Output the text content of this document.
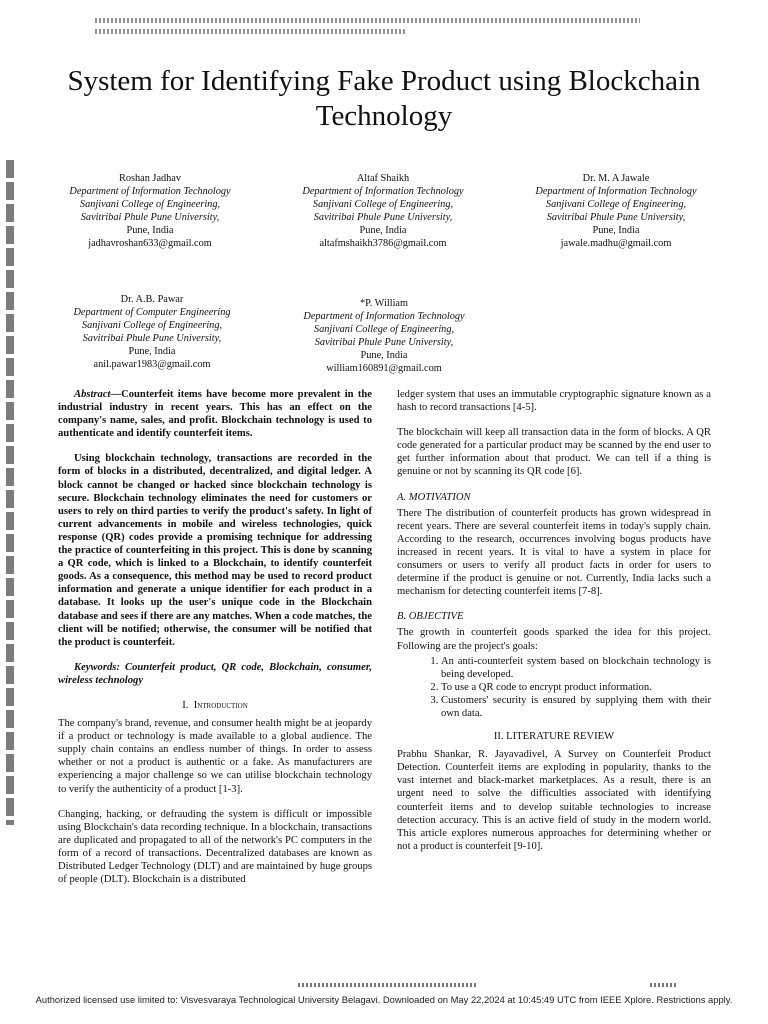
System for Identifying Fake Product using Blockchain Technology
Roshan Jadhav
Department of Information Technology
Sanjivani College of Engineering,
Savitribai Phule Pune University,
Pune, India
jadhavroshan633@gmail.com
Altaf Shaikh
Department of Information Technology
Sanjivani College of Engineering,
Savitribai Phule Pune University,
Pune, India
altafmshaikh3786@gmail.com
Dr. M. A Jawale
Department of Information Technology
Sanjivani College of Engineering,
Savitribai Phule Pune University,
Pune, India
jawale.madhu@gmail.com
Dr. A.B. Pawar
Department of Computer Engineering
Sanjivani College of Engineering,
Savitribai Phule Pune University,
Pune, India
anil.pawar1983@gmail.com
*P. William
Department of Information Technology
Sanjivani College of Engineering,
Savitribai Phule Pune University,
Pune, India
william160891@gmail.com

Abstract—Counterfeit items have become more prevalent in the industrial industry in recent years. This has an effect on the company's name, sales, and profit. Blockchain technology is used to authenticate and identify counterfeit items.

Using blockchain technology, transactions are recorded in the form of blocks in a distributed, decentralized, and digital ledger. A block cannot be changed or hacked since blockchain technology is secure. Blockchain technology eliminates the need for customers or users to rely on third parties to verify the product's safety. In light of current advancements in mobile and wireless technologies, quick response (QR) codes provide a promising technique for addressing the practice of counterfeiting in this project. This is done by scanning a QR code, which is linked to a Blockchain, to identify counterfeit goods. As a consequence, this method may be used to record product information and generate a unique identifier for each product in a database. It looks up the user's unique code in the Blockchain database and sees if there are any matches. When a code matches, the client will be notified; otherwise, the consumer will be notified that the product is counterfeit.

Keywords: Counterfeit product, QR code, Blockchain, consumer, wireless technology

I. Introduction

The company's brand, revenue, and consumer health might be at jeopardy if a product or technology is made available to a global audience. The supply chain contains an endless number of things. In order to assess whether or not a product is authentic or a fake. As manufacturers are experiencing a major challenge so we can utilise blockchain technology to verify the authenticity of a product [1-3].

Changing, hacking, or defrauding the system is difficult or impossible using Blockchain's data recording technique. In a blockchain, transactions are duplicated and propagated to all of the network's PC computers in the form of a record of transactions. Decentralized databases are known as Distributed Ledger Technology (DLT) and are maintained by huge groups of people (DLT). Blockchain is a distributed

ledger system that uses an immutable cryptographic signature known as a hash to record transactions [4-5].

The blockchain will keep all transaction data in the form of blocks. A QR code generated for a particular product may be scanned by the end user to get further information about that product. We can tell if a thing is genuine or not by scanning its QR code [6].

A. MOTIVATION

There The distribution of counterfeit products has grown widespread in recent years. There are several counterfeit items in today's supply chain. According to the research, occurrences involving bogus products have increased in recent years. It is vital to have a system in place for consumers or users to verify all product facts in order for users to determine if the product is genuine or not. Currently, India lacks such a mechanism for detecting counterfeit items [7-8].

B. OBJECTIVE

The growth in counterfeit goods sparked the idea for this project. Following are the project's goals:

1. An anti-counterfeit system based on blockchain technology is being developed.
2. To use a QR code to encrypt product information.
3. Customers' security is ensured by supplying them with their own data.
II. LITERATURE REVIEW

Prabhu Shankar, R. Jayavadivel, A Survey on Counterfeit Product Detection. Counterfeit items are exploding in popularity, thanks to the vast internet and black-market marketplaces. As a result, there is an urgent need to solve the difficulties associated with identifying counterfeit items and to develop suitable technologies to increase detection accuracy. This is an active field of study in the modern world. This article explores numerous approaches for determining whether or not a product is counterfeit [9-10].

Authorized licensed use limited to: Visvesvaraya Technological University Belagavi. Downloaded on May 22,2024 at 10:45:49 UTC from IEEE Xplore. Restrictions apply.
